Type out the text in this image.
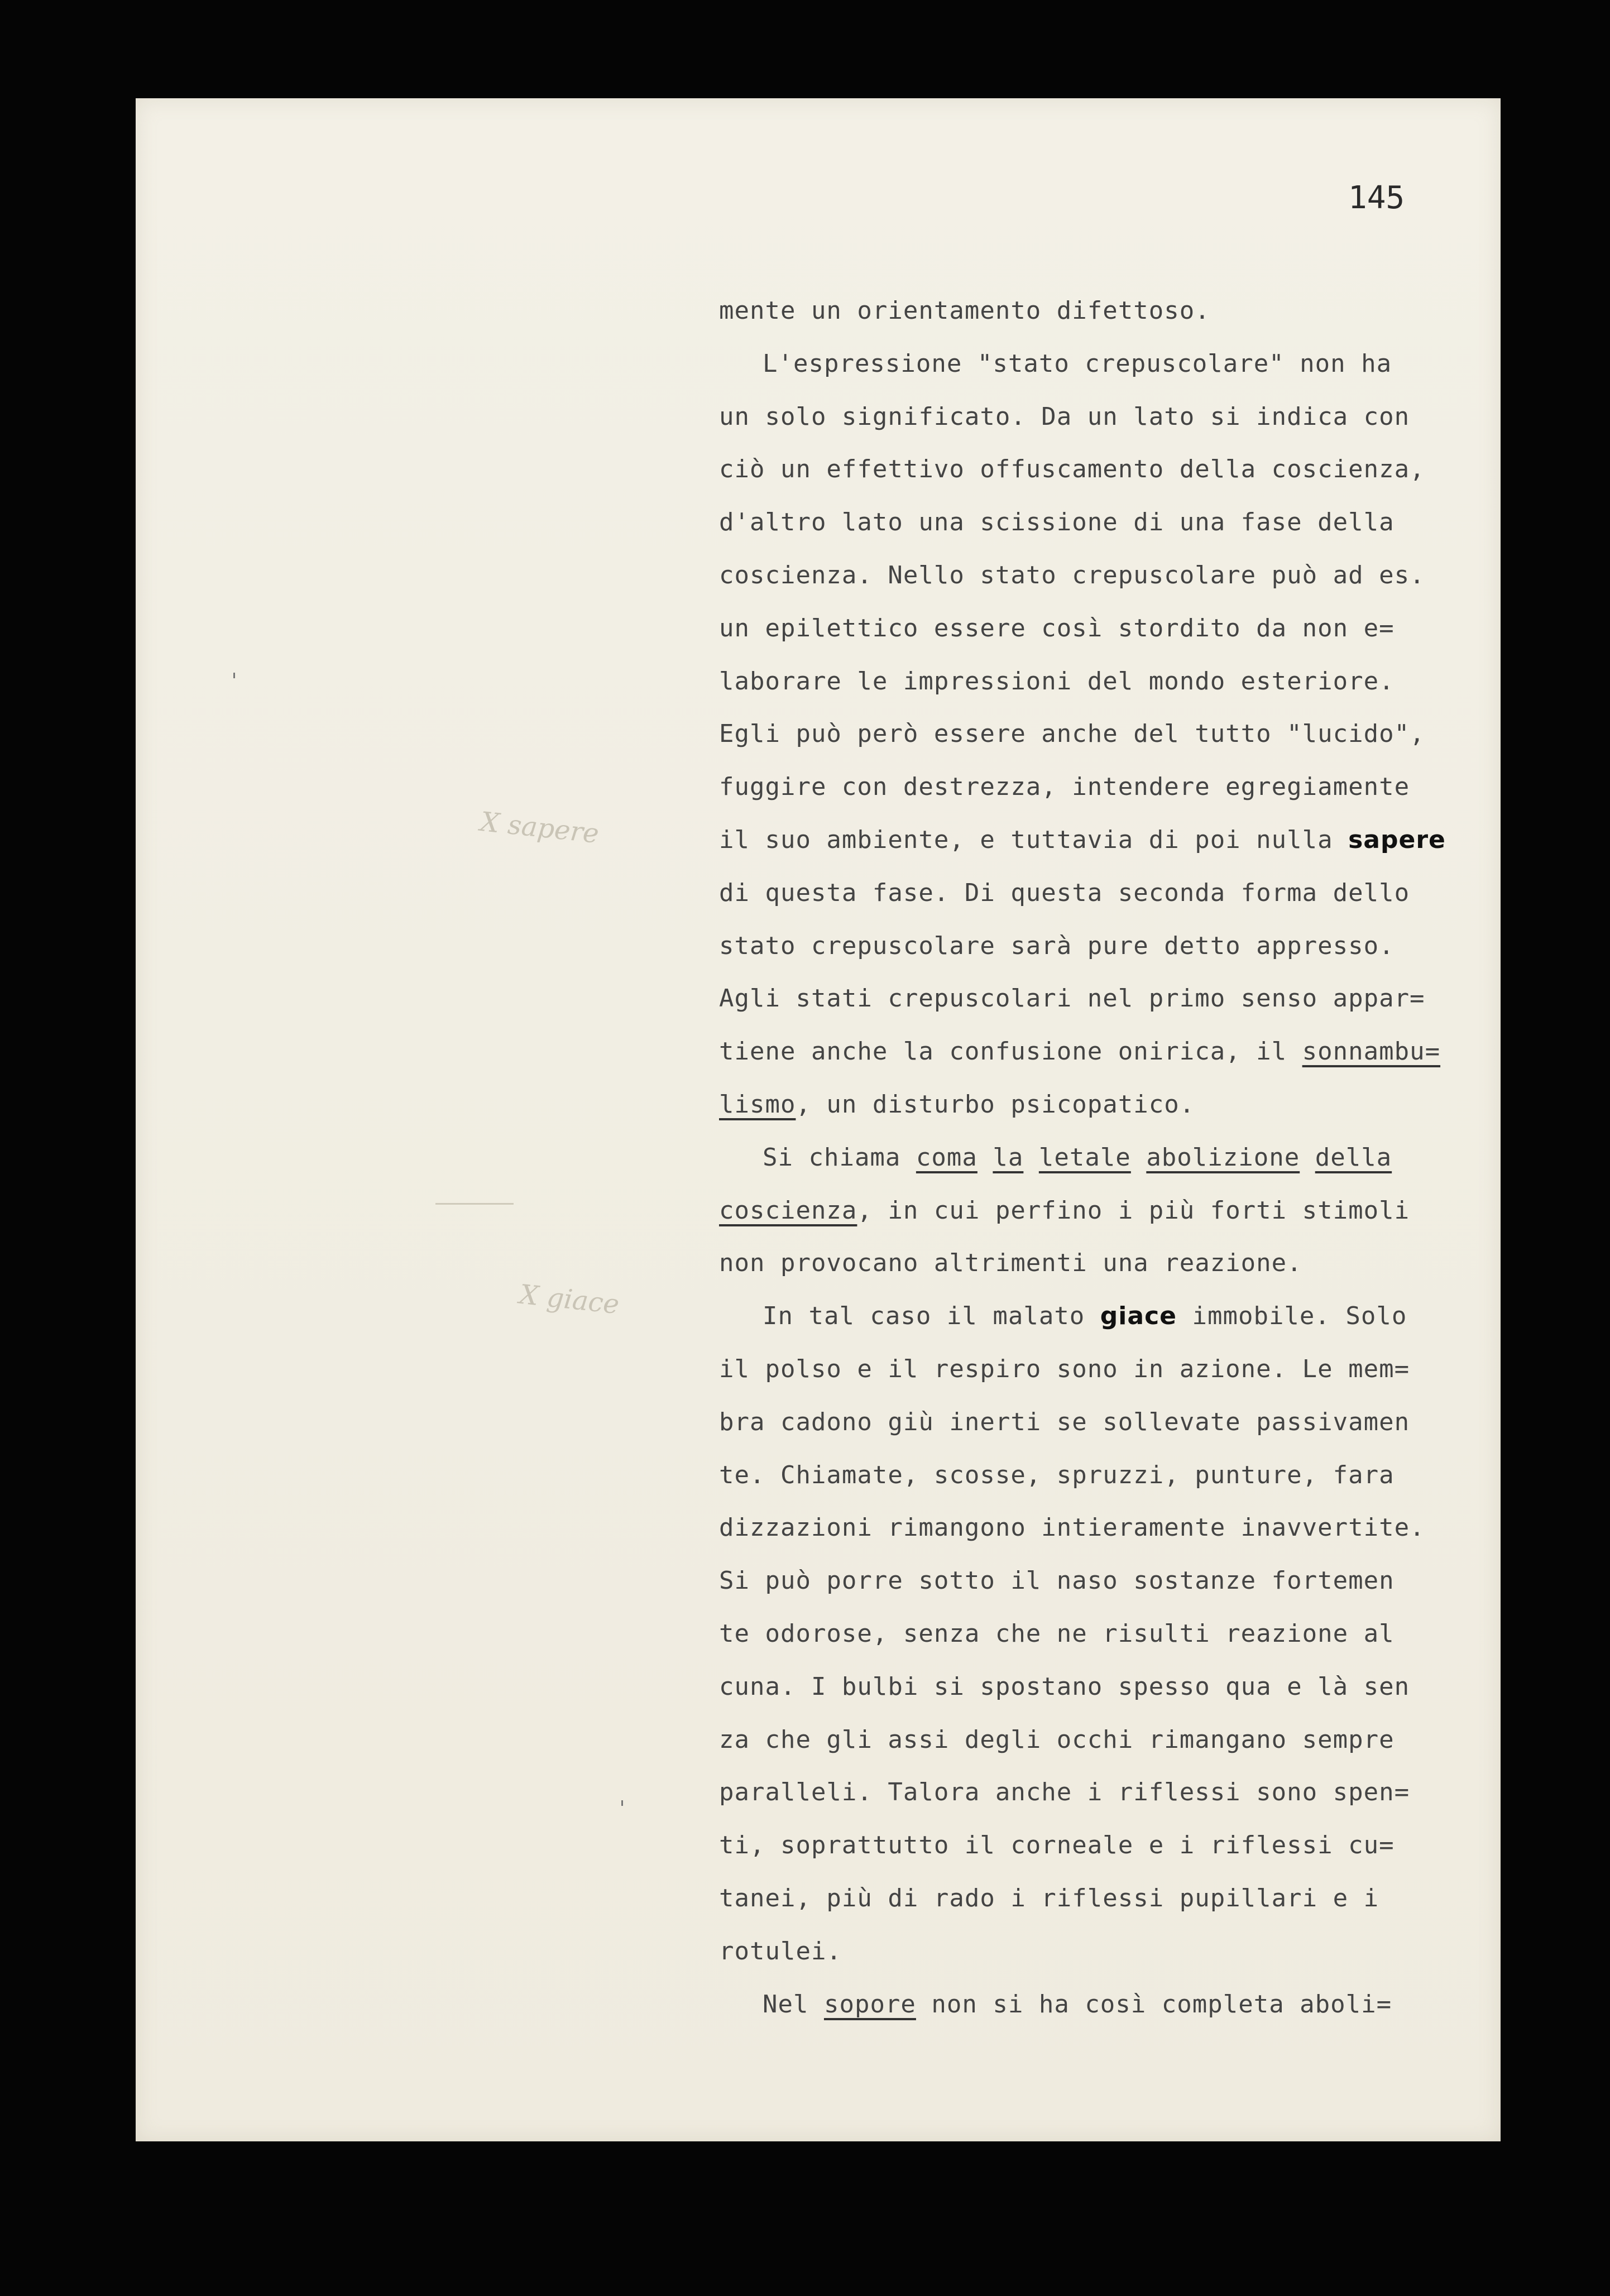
145
X sapere
X giace
mente un orientamento difettoso.
L'espressione "stato crepuscolare" non ha
un solo significato. Da un lato si indica con
ciò un effettivo offuscamento della coscienza,
d'altro lato una scissione di una fase della
coscienza. Nello stato crepuscolare può ad es.
un epilettico essere così stordito da non e=
laborare le impressioni del mondo esteriore.
Egli può però essere anche del tutto "lucido",
fuggire con destrezza, intendere egregiamente
il suo ambiente, e tuttavia di poi nulla sapere
di questa fase. Di questa seconda forma dello
stato crepuscolare sarà pure detto appresso.
Agli stati crepuscolari nel primo senso appar=
tiene anche la confusione onirica, il sonnambu=
lismo, un disturbo psicopatico.
Si chiama coma la letale abolizione della
coscienza, in cui perfino i più forti stimoli
non provocano altrimenti una reazione.
In tal caso il malato giace immobile. Solo
il polso e il respiro sono in azione. Le mem=
bra cadono giù inerti se sollevate passivamen
te. Chiamate, scosse, spruzzi, punture, fara
dizzazioni rimangono intieramente inavvertite.
Si può porre sotto il naso sostanze fortemen
te odorose, senza che ne risulti reazione al
cuna. I bulbi si spostano spesso qua e là sen
za che gli assi degli occhi rimangano sempre
paralleli. Talora anche i riflessi sono spen=
ti, soprattutto il corneale e i riflessi cu=
tanei, più di rado i riflessi pupillari e i
rotulei.
Nel sopore non si ha così completa aboli=
